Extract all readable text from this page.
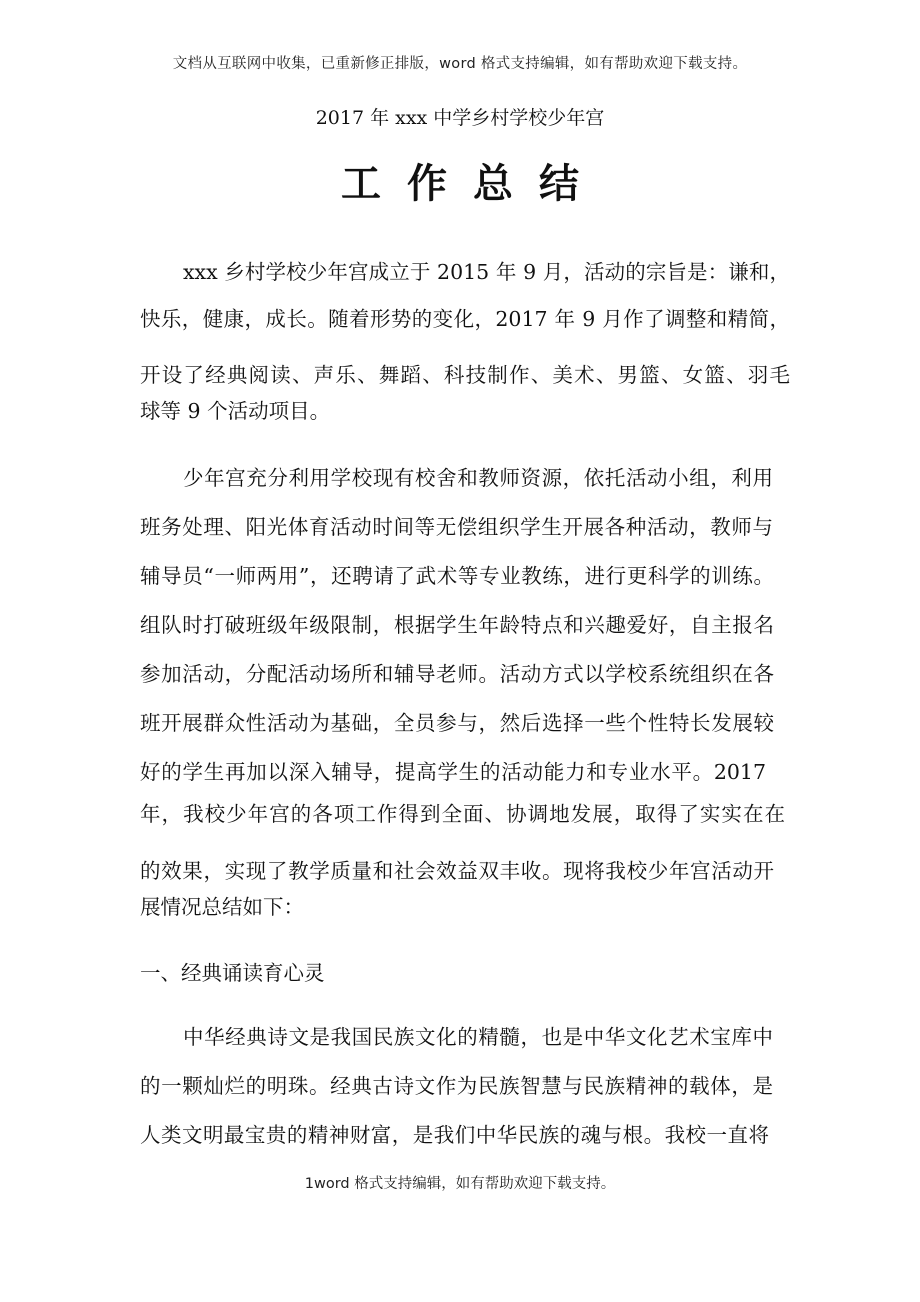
文档从互联网中收集，已重新修正排版，word 格式支持编辑，如有帮助欢迎下载支持。
2017 年 xxx 中学乡村学校少年宫
工作总结
xxx 乡村学校少年宫成立于 2015 年 9 月，活动的宗旨是：谦和，
快乐，健康，成长。随着形势的变化，2017 年 9 月作了调整和精简，
开设了经典阅读、声乐、舞蹈、科技制作、美术、男篮、女篮、羽毛
球等 9 个活动项目。
少年宫充分利用学校现有校舍和教师资源，依托活动小组，利用
班务处理、阳光体育活动时间等无偿组织学生开展各种活动，教师与
辅导员“一师两用”，还聘请了武术等专业教练，进行更科学的训练。
组队时打破班级年级限制，根据学生年龄特点和兴趣爱好，自主报名
参加活动，分配活动场所和辅导老师。活动方式以学校系统组织在各
班开展群众性活动为基础，全员参与，然后选择一些个性特长发展较
好的学生再加以深入辅导，提高学生的活动能力和专业水平。2017
年，我校少年宫的各项工作得到全面、协调地发展，取得了实实在在
的效果，实现了教学质量和社会效益双丰收。现将我校少年宫活动开
展情况总结如下：
一、经典诵读育心灵
中华经典诗文是我国民族文化的精髓，也是中华文化艺术宝库中
的一颗灿烂的明珠。经典古诗文作为民族智慧与民族精神的载体，是
人类文明最宝贵的精神财富，是我们中华民族的魂与根。我校一直将
1word 格式支持编辑，如有帮助欢迎下载支持。
